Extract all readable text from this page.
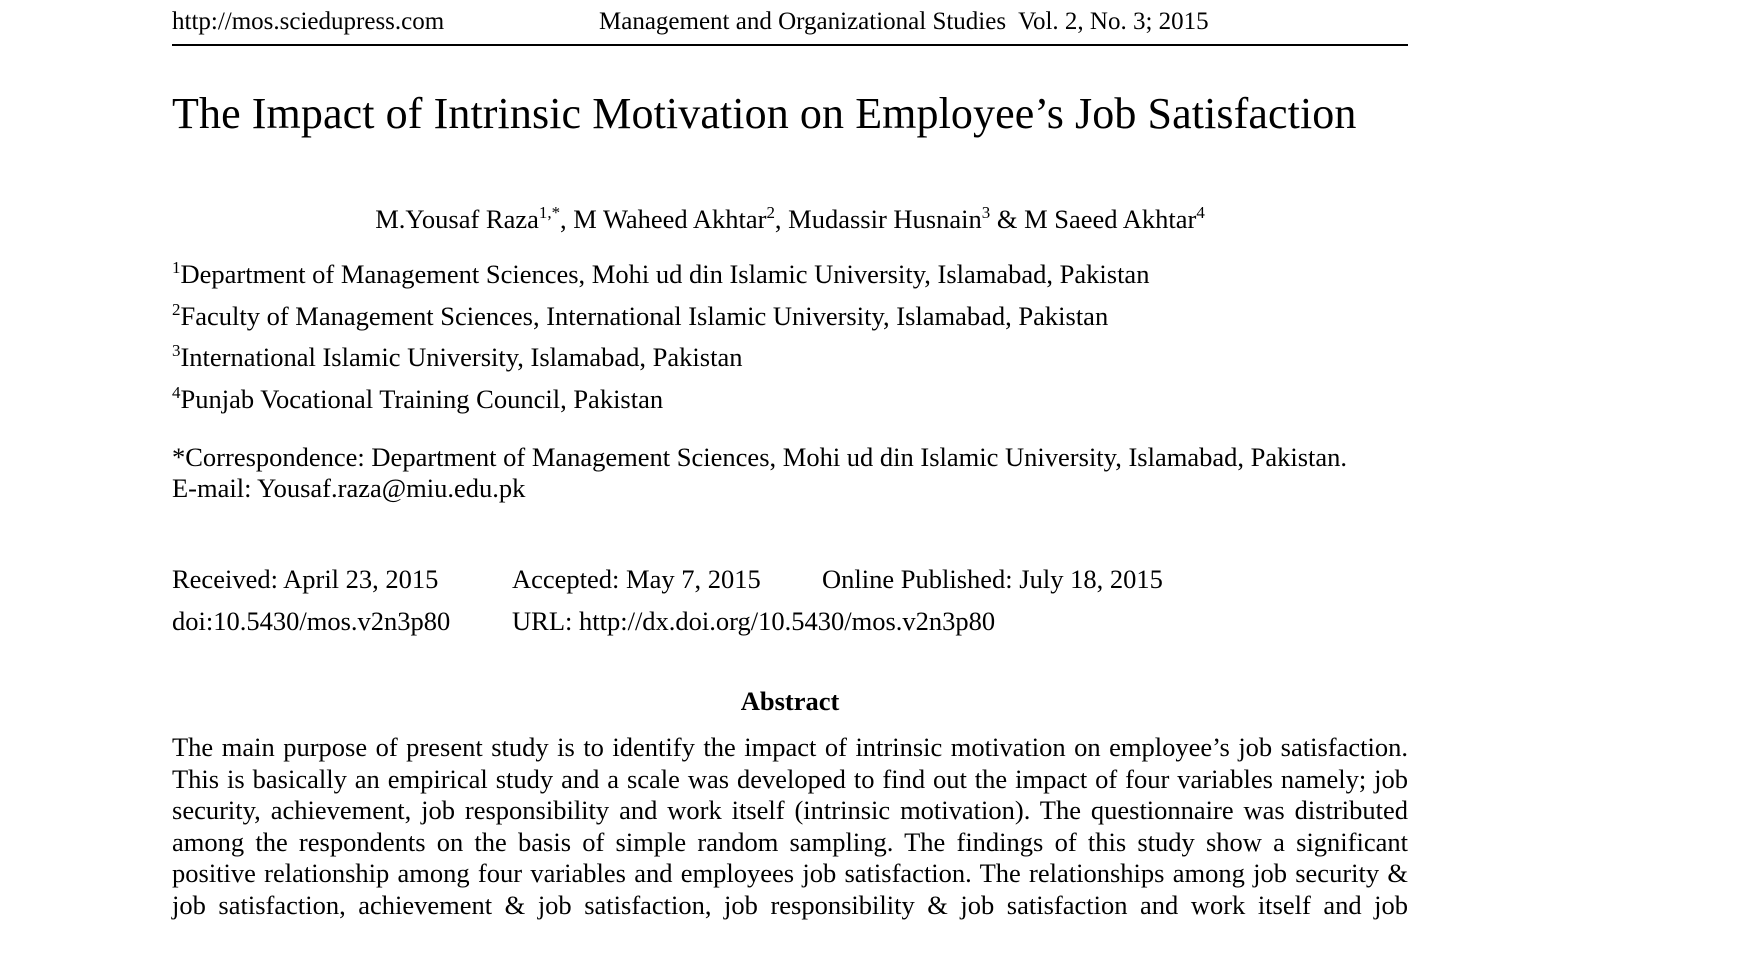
http://mos.sciedupress.com	Management and Organizational Studies  Vol. 2, No. 3; 2015
The Impact of Intrinsic Motivation on Employee’s Job Satisfaction
M.Yousaf Raza$^{1,*}$, M Waheed Akhtar$^2$, Mudassir Husnain$^3$ & M Saeed Akhtar$^4$
$^1$Department of Management Sciences, Mohi ud din Islamic University, Islamabad, Pakistan
$^2$Faculty of Management Sciences, International Islamic University, Islamabad, Pakistan
$^3$International Islamic University, Islamabad, Pakistan
$^4$Punjab Vocational Training Council, Pakistan
*Correspondence: Department of Management Sciences, Mohi ud din Islamic University, Islamabad, Pakistan.
E-mail: Yousaf.raza@miu.edu.pk
Received: April 23, 2015	Accepted: May 7, 2015 Online Published: July 18, 2015
doi:10.5430/mos.v2n3p80 URL: http://dx.doi.org/10.5430/mos.v2n3p80
Abstract
The main purpose of present study is to identify the impact of intrinsic motivation on employee’s job satisfaction. This is basically an empirical study and a scale was developed to find out the impact of four variables namely; job security, achievement, job responsibility and work itself (intrinsic motivation). The questionnaire was distributed among the respondents on the basis of simple random sampling. The findings of this study show a significant positive relationship among four variables and employees job satisfaction. The relationships among job security & job satisfaction, achievement & job satisfaction, job responsibility & job satisfaction and work itself and job
